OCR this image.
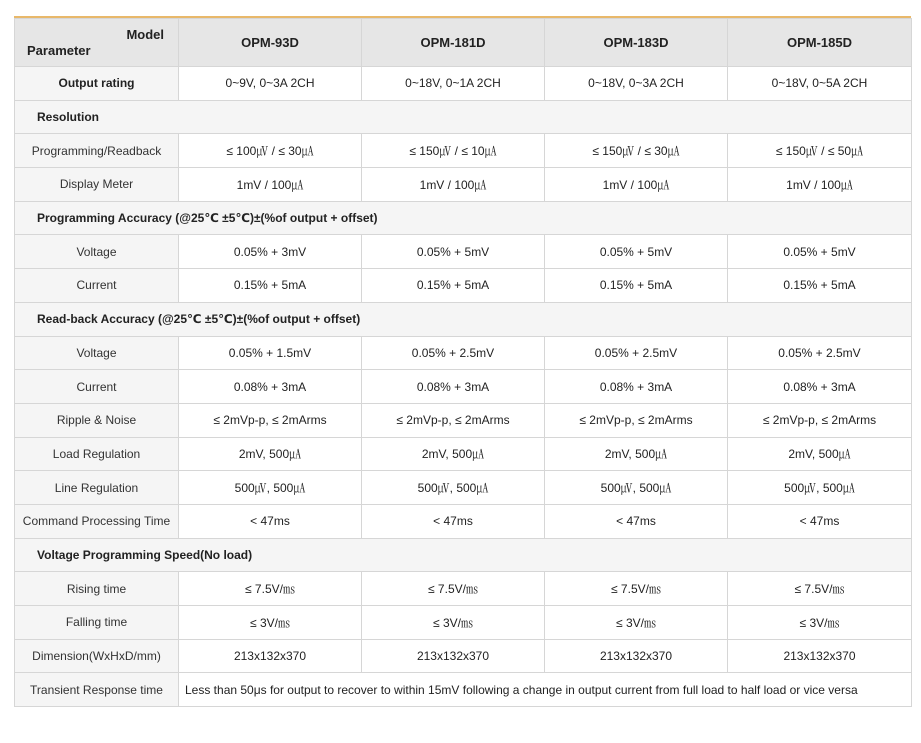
Model
Parameter	OPM-93D	OPM-181D	OPM-183D	OPM-185D
Output rating	0~9V, 0~3A 2CH	0~18V, 0~1A 2CH	0~18V, 0~3A 2CH	0~18V, 0~5A 2CH
Resolution				
Programming/Readback	≤ 100㎶ / ≤ 30㎂	≤ 150㎶ / ≤ 10㎂	≤ 150㎶ / ≤ 30㎂	≤ 150㎶ / ≤ 50㎂
Display Meter	1mV / 100㎂	1mV / 100㎂	1mV / 100㎂	1mV / 100㎂
Programming Accuracy (@25℃ ±5℃)±(%of output + offset)				
Voltage	0.05% + 3mV	0.05% + 5mV	0.05% + 5mV	0.05% + 5mV
Current	0.15% + 5mA	0.15% + 5mA	0.15% + 5mA	0.15% + 5mA
Read-back Accuracy (@25℃ ±5℃)±(%of output + offset)				
Voltage	0.05% + 1.5mV	0.05% + 2.5mV	0.05% + 2.5mV	0.05% + 2.5mV
Current	0.08% + 3mA	0.08% + 3mA	0.08% + 3mA	0.08% + 3mA
Ripple & Noise	≤ 2mVp-p, ≤ 2mArms	≤ 2mVp-p, ≤ 2mArms	≤ 2mVp-p, ≤ 2mArms	≤ 2mVp-p, ≤ 2mArms
Load Regulation	2mV, 500㎂	2mV, 500㎂	2mV, 500㎂	2mV, 500㎂
Line Regulation	500㎶, 500㎂	500㎶, 500㎂	500㎶, 500㎂	500㎶, 500㎂
Command Processing Time	< 47ms	< 47ms	< 47ms	< 47ms
Voltage Programming Speed(No load)				
Rising time	≤ 7.5V/㎳	≤ 7.5V/㎳	≤ 7.5V/㎳	≤ 7.5V/㎳
Falling time	≤ 3V/㎳	≤ 3V/㎳	≤ 3V/㎳	≤ 3V/㎳
Dimension(WxHxD/mm)	213x132x370	213x132x370	213x132x370	213x132x370
Transient Response time	Less than 50μs for output to recover to within 15mV following a change in output current from full load to half load or vice versa			
